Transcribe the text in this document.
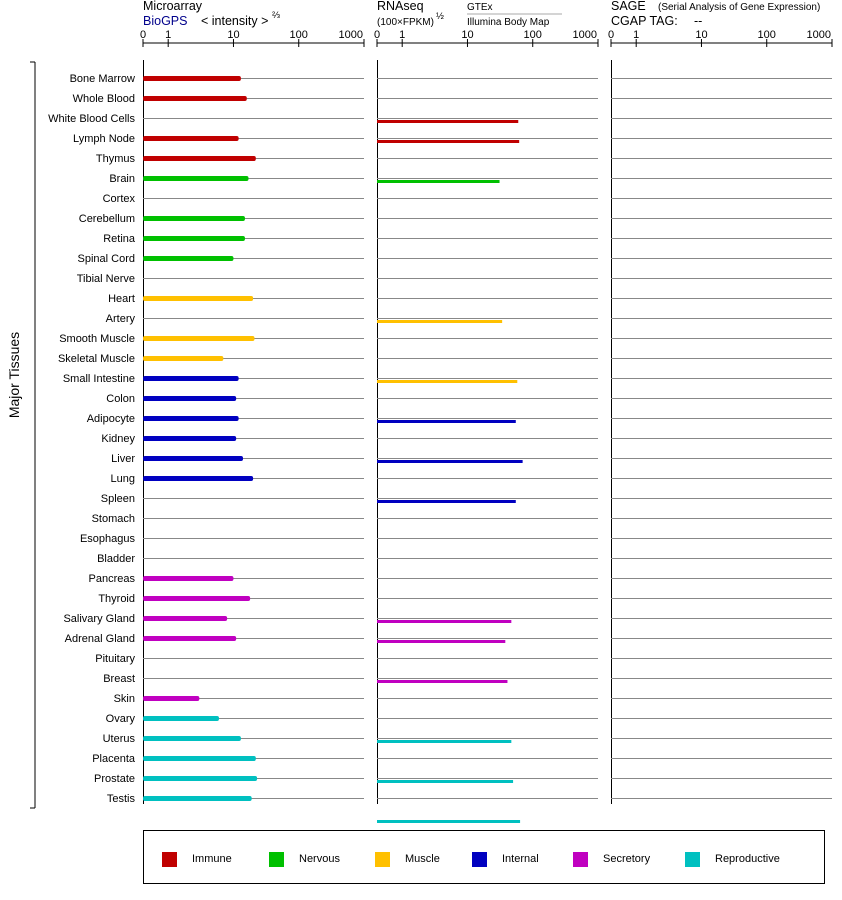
Microarray
BioGPS < intensity > ⅔
RNAseq
(100×FPKM)
½
GTEx
Illumina Body Map
SAGE (Serial Analysis of Gene Expression)
CGAP TAG: --
Major Tissues
0 1	10	100	1000 0 1	10	100	1000 0 1	10	100	1000
Bone Marrow
Whole Blood
White Blood Cells
Lymph Node
Thymus
Brain
Cortex
Cerebellum
Retina
Spinal Cord
Tibial Nerve
Heart
Artery
Smooth Muscle
Skeletal Muscle
Small Intestine
Colon
Adipocyte
Kidney
Liver
Lung
Spleen
Stomach
Esophagus
Bladder
Pancreas
Thyroid
Salivary Gland
Adrenal Gland
Pituitary
Breast
Skin
Ovary
Uterus
Placenta
Prostate
Testis
Immune	Nervous	Muscle	Internal	Secretory	Reproductive
